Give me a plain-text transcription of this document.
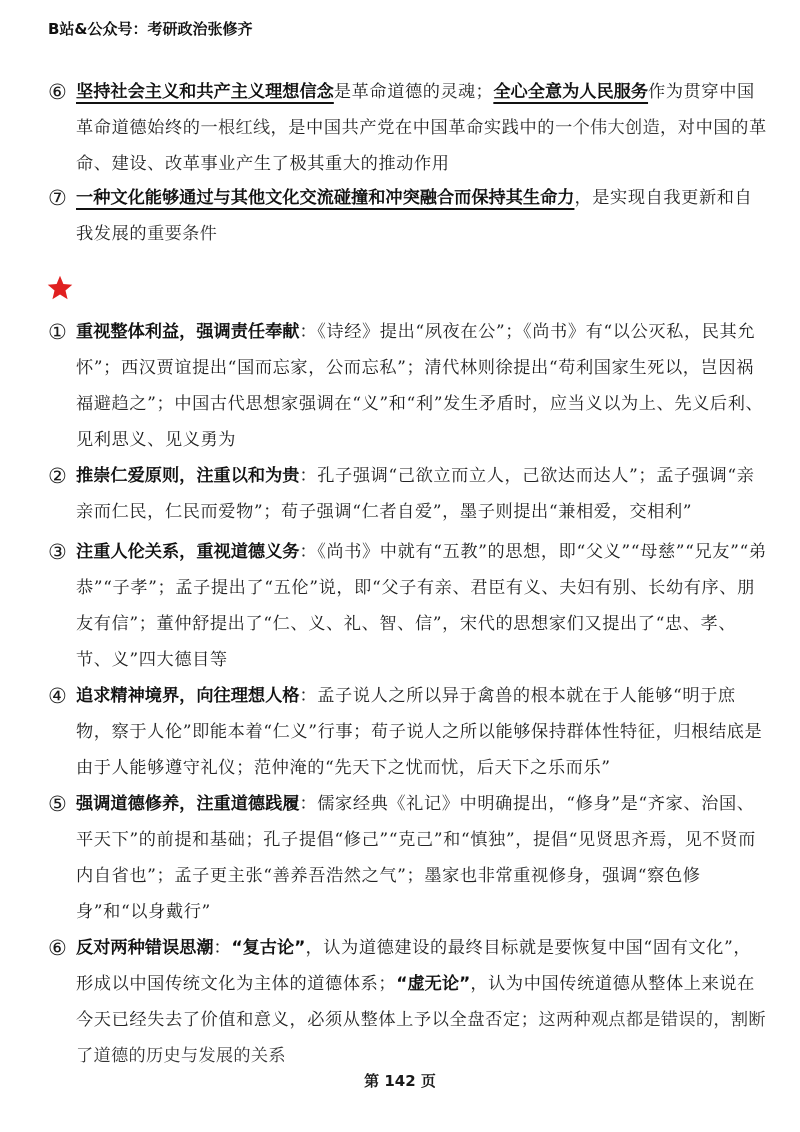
B站&公众号：考研政治张修齐
⑥ 坚持社会主义和共产主义理想信念是革命道德的灵魂；全心全意为人民服务作为贯穿中国革命道德始终的一根红线，是中国共产党在中国革命实践中的一个伟大创造，对中国的革命、建设、改革事业产生了极其重大的推动作用
⑦ 一种文化能够通过与其他文化交流碰撞和冲突融合而保持其生命力，是实现自我更新和自我发展的重要条件
① 重视整体利益，强调责任奉献：《诗经》提出“夙夜在公”；《尚书》有“以公灭私，民其允怀”；西汉贾谊提出“国而忘家，公而忘私”；清代林则徐提出“苟利国家生死以，岂因祸福避趋之”；中国古代思想家强调在“义”和“利”发生矛盾时，应当义以为上、先义后利、见利思义、见义勇为
② 推崇仁爱原则，注重以和为贵：孔子强调“己欲立而立人，己欲达而达人”；孟子强调“亲亲而仁民，仁民而爱物”；荀子强调“仁者自爱”，墨子则提出“兼相爱，交相利”
③ 注重人伦关系，重视道德义务：《尚书》中就有“五教”的思想，即“父义”“母慈”“兄友”“弟恭”“子孝”；孟子提出了“五伦”说，即“父子有亲、君臣有义、夫妇有别、长幼有序、朋友有信”；董仲舒提出了“仁、义、礼、智、信”，宋代的思想家们又提出了“忠、孝、节、义”四大德目等
④ 追求精神境界，向往理想人格：孟子说人之所以异于禽兽的根本就在于人能够“明于庶物，察于人伦”即能本着“仁义”行事；荀子说人之所以能够保持群体性特征，归根结底是由于人能够遵守礼仪；范仲淹的“先天下之忧而忧，后天下之乐而乐”
⑤ 强调道德修养，注重道德践履：儒家经典《礼记》中明确提出，“修身”是“齐家、治国、平天下”的前提和基础；孔子提倡“修己”“克己”和“慎独”，提倡“见贤思齐焉，见不贤而内自省也”；孟子更主张“善养吾浩然之气”；墨家也非常重视修身，强调“察色修身”和“以身戴行”
⑥ 反对两种错误思潮：“复古论”，认为道德建设的最终目标就是要恢复中国“固有文化”，形成以中国传统文化为主体的道德体系；“虚无论”，认为中国传统道德从整体上来说在今天已经失去了价值和意义，必须从整体上予以全盘否定；这两种观点都是错误的，割断了道德的历史与发展的关系
第 142 页
